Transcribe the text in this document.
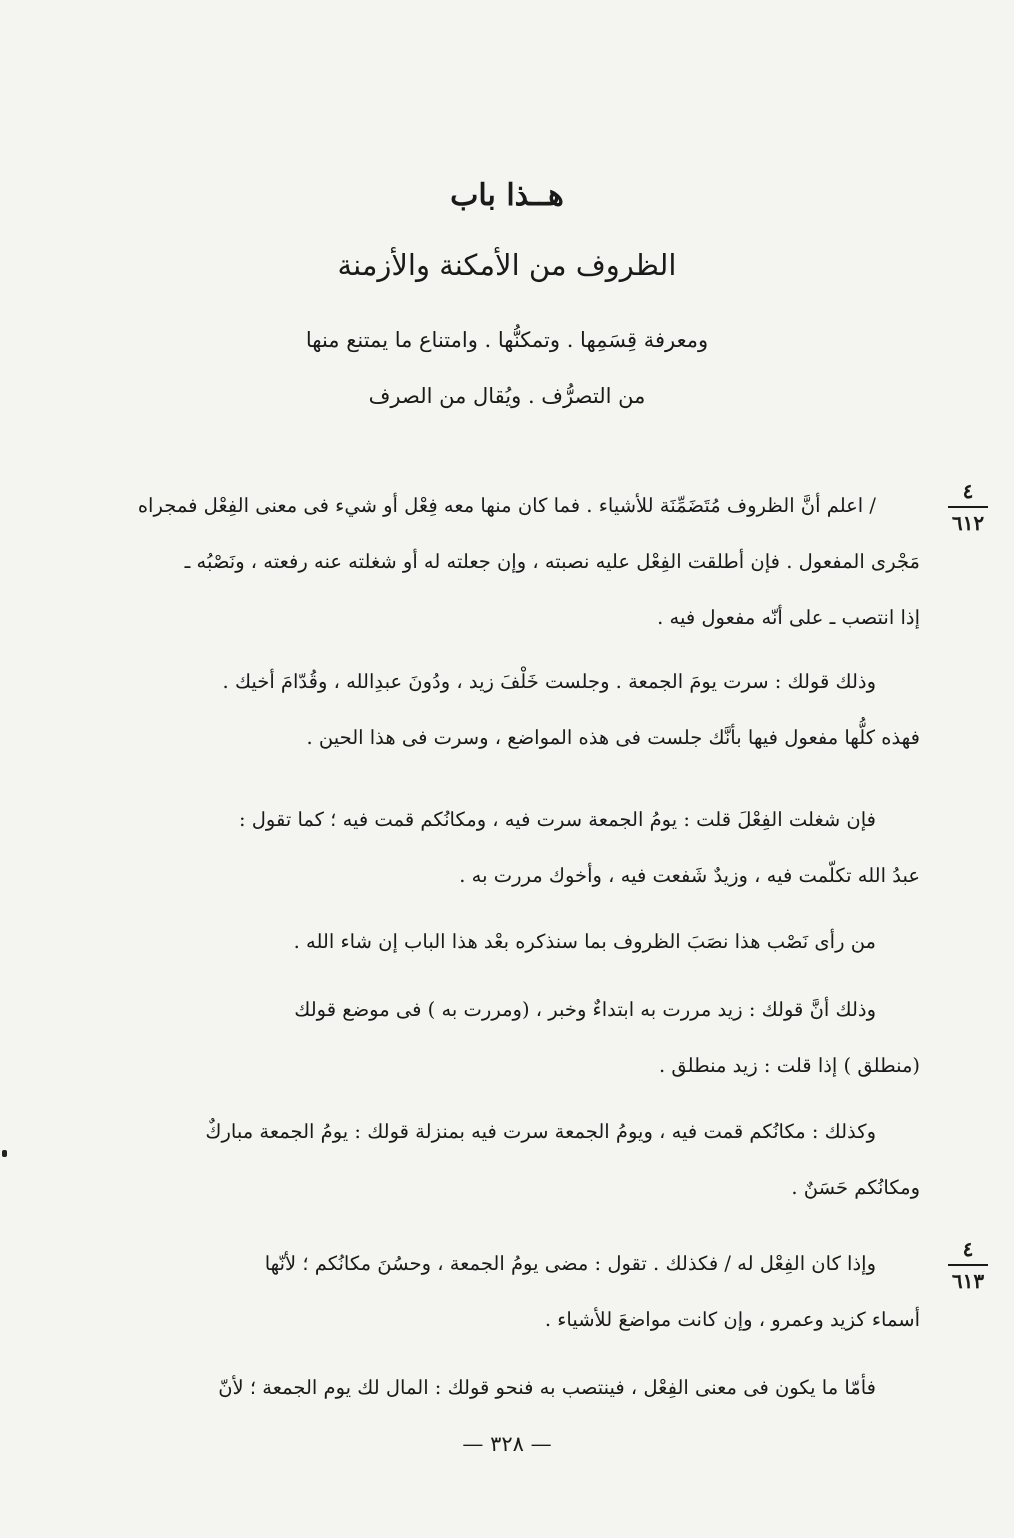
هــذا باب
الظروف من الأمكنة والأزمنة
ومعرفة قِسَمِها . وتمكنُّها . وامتناع ما يمتنع منها
من التصرُّف . ويُقال من الصرف
٤
٦١٢
٤
٦١٣
/ اعلم أنَّ الظروف مُتَضَمِّنَة للأشياء . فما كان منها معه فِعْل أو شيء فى معنى الفِعْل فمجراه
مَجْرى المفعول . فإن أطلقت الفِعْل عليه نصبته ، وإن جعلته له أو شغلته عنه رفعته ، ونَصْبُه ـ
إذا انتصب ـ على أنّه مفعول فيه .
وذلك قولك : سرت يومَ الجمعة . وجلست خَلْفَ زيد ، ودُونَ عبدِالله ، وقُدّامَ أخيك .
فهذه كلُّها مفعول فيها بأنَّك جلست فى هذه المواضع ، وسرت فى هذا الحين .
فإن شغلت الفِعْلَ قلت : يومُ الجمعة سرت فيه ، ومكانُكم قمت فيه ؛ كما تقول :
عبدُ الله تكلّمت فيه ، وزيدٌ شَفعت فيه ، وأخوك مررت به .
من رأى نَصْب هذا نصَبَ الظروف بما سنذكره بعْد هذا الباب إن شاء الله .
وذلك أنَّ قولك : زيد مررت به ابتداءٌ وخبر ، (ومررت به ) فى موضع قولك
(منطلق ) إذا قلت : زيد منطلق .
وكذلك : مكانُكم قمت فيه ، ويومُ الجمعة سرت فيه بمنزلة قولك : يومُ الجمعة مباركٌ
ومكانُكم حَسَنٌ .
وإذا كان الفِعْل له / فكذلك . تقول : مضى يومُ الجمعة ، وحسُنَ مكانُكم ؛ لأنّها
أسماء كزيد وعمرو ، وإن كانت مواضعَ للأشياء .
فأمّا ما يكون فى معنى الفِعْل ، فينتصب به فنحو قولك : المال لك يوم الجمعة ؛ لأنّ
— ٣٢٨ —
